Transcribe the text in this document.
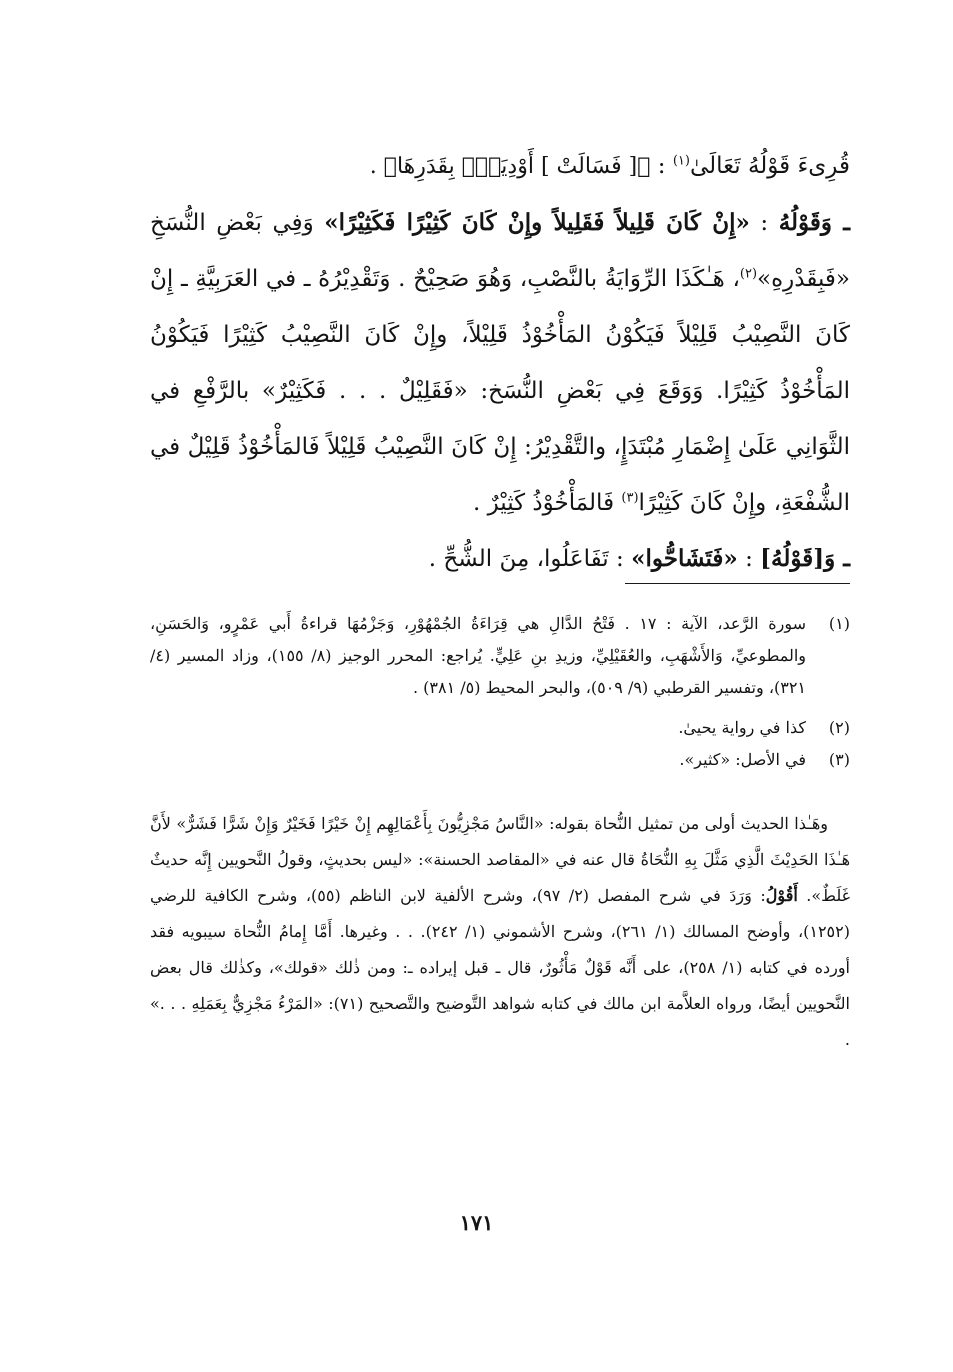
قُرِىءَ قَوْلُهُ تَعَالَىٰ$^{(١)}$ : ﴿[ فَسَالَتْ ] أَوْدِيَةٌۢ بِقَدَرِهَا﴾ .

ـ وَقَوْلُهُ : «إِنْ كَانَ قَلِيلاً فَقَلِيلاً وإِنْ كَانَ كَثِيْرًا فَكَثِيْرًا» وَفِي بَعْضِ النُّسَخِ «فَبِقَدْرِهِ»$^{(٢)}$، هَـٰكَذَا الرِّوَايَةُ بالنَّصْبِ، وَهُوَ صَحِيْحٌ . وَتَقْدِيْرُهُ ـ في العَرَبِيَّةِ ـ إِنْ كَانَ النَّصِيْبُ قَلِيْلاً فَيَكُوْنُ المَأْخُوْذُ قَلِيْلاً، وإِنْ كَانَ النَّصِيْبُ كَثِيْرًا فَيَكُوْنُ المَأْخُوْذُ كَثِيْرًا. وَوَقَعَ فِي بَعْضِ النُّسَخ: «فَقَلِيْلٌ . . . فَكَثِيْرٌ» بالرَّفْعِ في الثَّوَانِي عَلَىٰ إِضْمَارِ مُبْتَدَإٍ، والتَّقْدِيْرُ: إِنْ كَانَ النَّصِيْبُ قَلِيْلاً فَالمَأْخُوْذُ قَلِيْلٌ في الشُّفْعَةِ، وإِنْ كَانَ كَثِيْرًا$^{(٣)}$ فَالمَأْخُوْذُ كَثِيْرٌ .

ـ وَ[قَوْلُهُ] : «فَتَشَاحُّوا» : تَفَاعَلُوا، مِنَ الشُّحِّ .

(١)
سورة الرَّعد، الآية : ١٧ . فَتْحُ الدَّالِ هي قِرَاءَةُ الجُمْهُوْرِ، وَجَزْمُهَا قراءةُ أَبي عَمْرٍو، وَالحَسَنِ، والمطوعيِّ، وَالأَشْهَبِ، والعُقَيْلِيِّ، وزيدِ بنِ عَلِيٍّ. يُراجع: المحرر الوجيز (٨/ ١٥٥)، وزاد المسير (٤/ ٣٢١)، وتفسير القرطبي (٩/ ٥٠٩)، والبحر المحيط (٥/ ٣٨١) .
(٢)
كذا في رواية يحيىٰ.
(٣)
في الأصل: «كثير».

وهَـٰذا الحديث أولى من تمثيل النُّحاة بقوله: «النَّاسُ مَجْزِيُّونَ بِأَعْمَالِهِم إِنْ خَيْرًا فَخَيْرٌ وَإِنْ شَرًّا فَشَرٌّ» لأَنَّ هَـٰذَا الحَدِيْثَ الَّذِي مَثَّلَ بِهِ النُّحَاةُ قال عنه في «المقاصد الحسنة»: «ليس بحديثٍ، وقولُ النَّحويين إِنَّه حديثٌ غَلَطٌ». أَقُوْلُ: وَرَدَ في شرح المفصل (٢/ ٩٧)، وشرح الألفية لابن الناظم (٥٥)، وشرح الكافية للرضي (١٢٥٢)، وأوضح المسالك (١/ ٢٦١)، وشرح الأشموني (١/ ٢٤٢). . . وغيرها. أَمَّا إِمامُ النُّحاة سيبويه فقد أورده في كتابه (١/ ٢٥٨)، على أَنَّه قَوْلٌ مَأْثُورٌ، قال ـ قبل إيراده ـ: ومن ذٰلك «قولك»، وكذٰلك قال بعض النَّحويين أيضًا، ورواه العلاَّمة ابن مالك في كتابه شواهد التَّوضيح والتَّصحيح (٧١): «المَرْءُ مَجْزِيٌّ بِعَمَلِهِ . . .» .

١٧١
